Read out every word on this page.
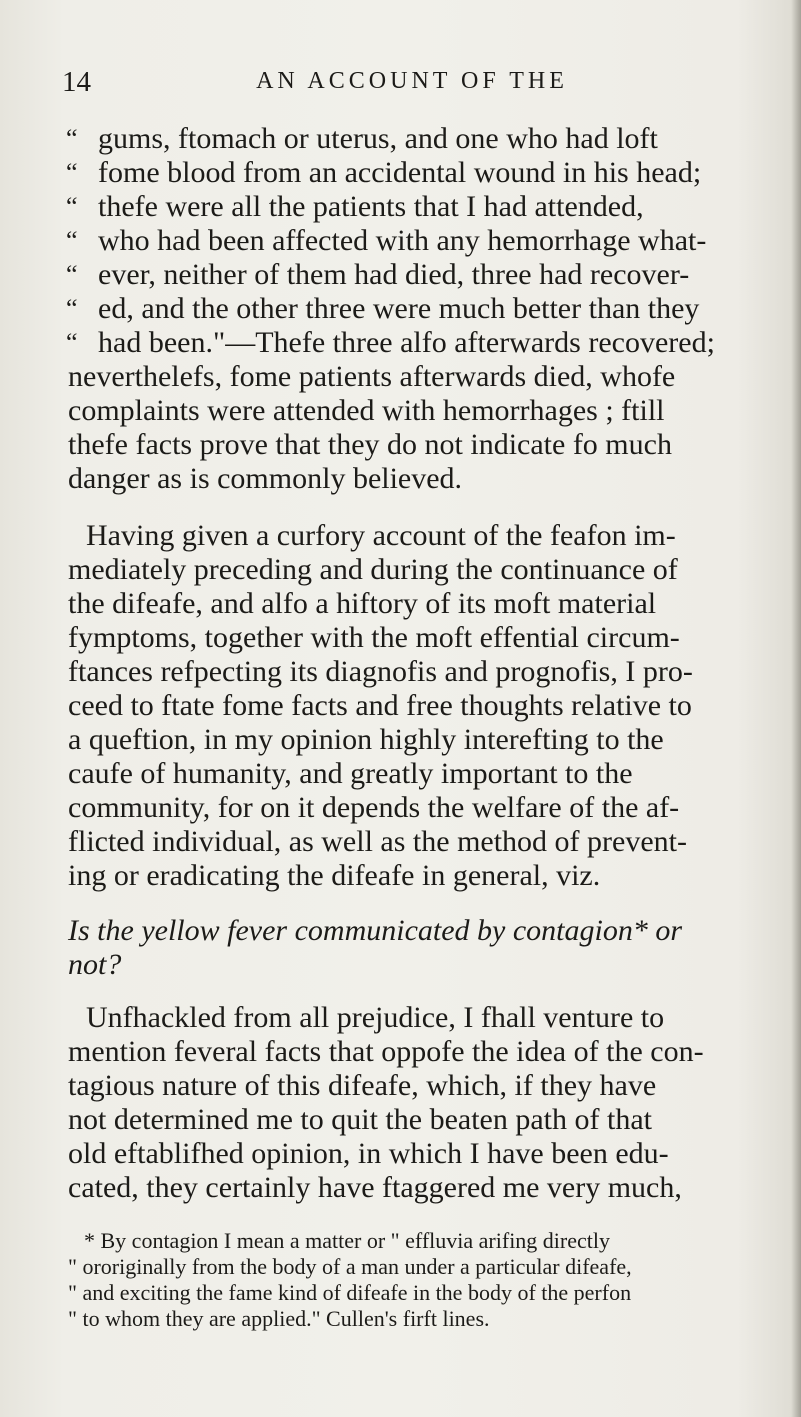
14	AN ACCOUNT OF THE
“ gums, ftomach or uterus, and one who had loft
“ fome blood from an accidental wound in his head;
“ thefe were all the patients that I had attended,
“ who had been affected with any hemorrhage what-
“ ever, neither of them had died, three had recover-
“ ed, and the other three were much better than they
“ had been."—Thefe three alfo afterwards recovered;
neverthelefs, fome patients afterwards died, whofe
complaints were attended with hemorrhages ; ftill
thefe facts prove that they do not indicate fo much
danger as is commonly believed.
Having given a curfory account of the feafon im-
mediately preceding and during the continuance of
the difeafe, and alfo a hiftory of its moft material
fymptoms, together with the moft effential circum-
ftances refpecting its diagnofis and prognofis, I pro-
ceed to ftate fome facts and free thoughts relative to
a queftion, in my opinion highly interefting to the
caufe of humanity, and greatly important to the
community, for on it depends the welfare of the af-
flicted individual, as well as the method of prevent-
ing or eradicating the difeafe in general, viz.
Is the yellow fever communicated by contagion* or
not?
Unfhackled from all prejudice, I fhall venture to
mention feveral facts that oppofe the idea of the con-
tagious nature of this difeafe, which, if they have
not determined me to quit the beaten path of that
old eftablifhed opinion, in which I have been edu-
cated, they certainly have ftaggered me very much,
* By contagion I mean a matter or " effluvia arifing directly
" ororiginally from the body of a man under a particular difeafe,
" and exciting the fame kind of difeafe in the body of the perfon
" to whom they are applied." Cullen's firft lines.
